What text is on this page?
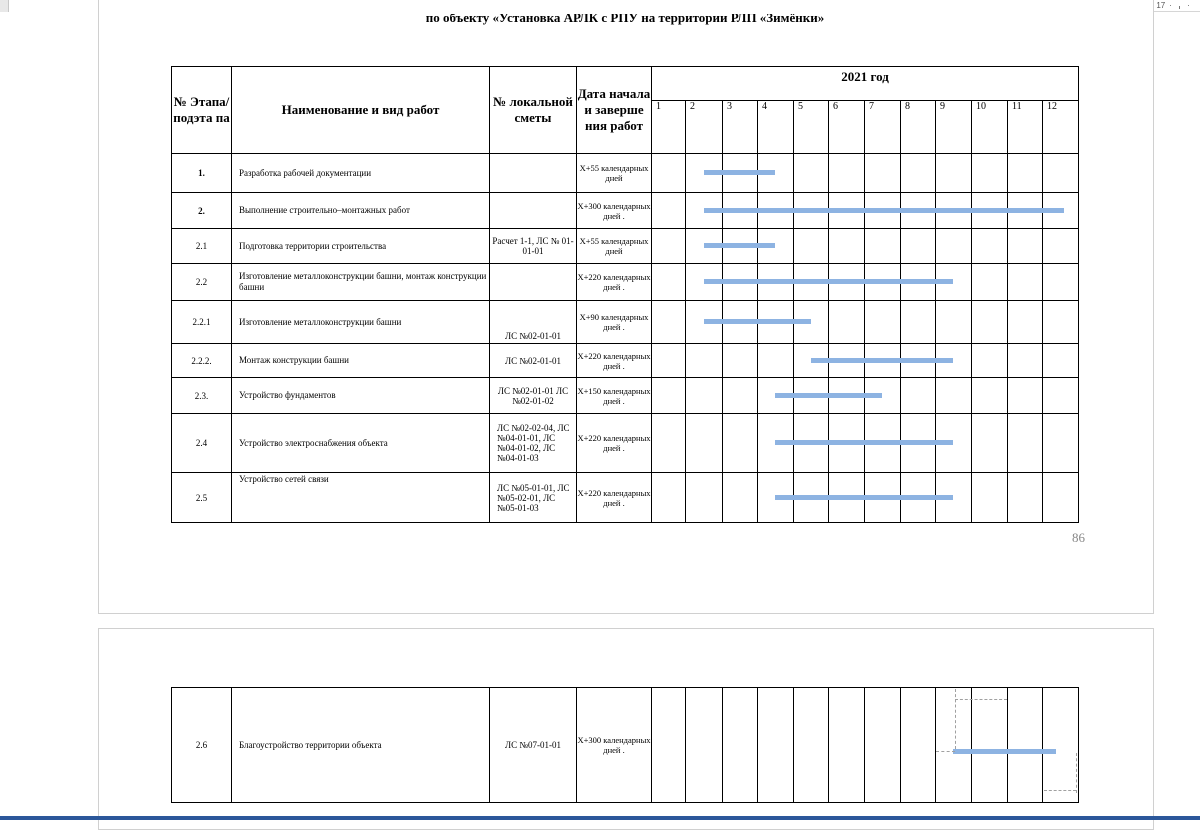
17
по объекту «Установка АРЛК с РПУ на территории РЛП «Зимёнки»
№ Этапа/ подэта па	Наименование и вид работ	№ локальной сметы	Дата начала и заверше ния работ	2021 год											
				1	2	3	4	5	6	7	8	9	10	11	12
1.	Разработка рабочей документации		Х+55 календарных дней												
2.	Выполнение строительно–монтажных работ		Х+300 календарных дней .												
2.1	Подготовка территории строительства	Расчет 1-1, ЛС № 01-01-01	Х+55 календарных дней												
2.2	Изготовление металлоконструкции башни, монтаж конструкции башни		Х+220 календарных дней .												
2.2.1	Изготовление металлоконструкции башни	ЛС №02-01-01	Х+90 календарных дней .												
2.2.2.	Монтаж конструкции башни	ЛС №02-01-01	Х+220 календарных дней .												
2.3.	Устройство фундаментов	ЛС №02-01-01 ЛС №02-01-02	Х+150 календарных дней .												
2.4	Устройство электроснабжения объекта	ЛС №02-02-04, ЛС №04-01-01, ЛС №04-01-02, ЛС №04-01-03	Х+220 календарных дней .												
2.5	Устройство сетей связи	ЛС №05-01-01, ЛС №05-02-01, ЛС №05-01-03	Х+220 календарных дней .												
86
2.6	Благоустройство территории объекта	ЛС №07-01-01	Х+300 календарных дней .												
